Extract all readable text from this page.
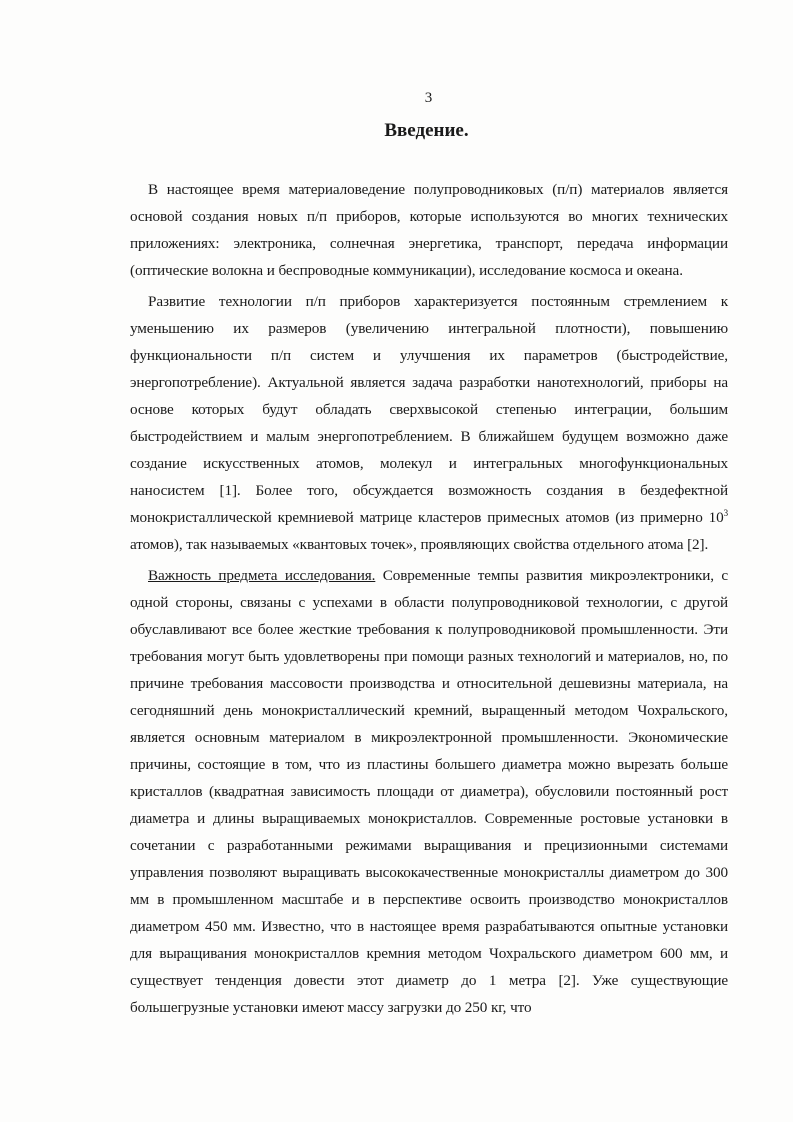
3
Введение.

В настоящее время материаловедение полупроводниковых (п/п) материалов является основой создания новых п/п приборов, которые используются во многих технических приложениях: электроника, солнечная энергетика, транспорт, передача информации (оптические волокна и беспроводные коммуникации), исследование космоса и океана.

Развитие технологии п/п приборов характеризуется постоянным стремлением к уменьшению их размеров (увеличению интегральной плотности), повышению функциональности п/п систем и улучшения их параметров (быстродействие, энергопотребление). Актуальной является задача разработки нанотехнологий, приборы на основе которых будут обладать сверхвысокой степенью интеграции, большим быстродействием и малым энергопотреблением. В ближайшем будущем возможно даже создание искусственных атомов, молекул и интегральных многофункциональных наносистем [1]. Более того, обсуждается возможность создания в бездефектной монокристаллической кремниевой матрице кластеров примесных атомов (из примерно $10^3$ атомов), так называемых «квантовых точек», проявляющих свойства отдельного атома [2].

Важность предмета исследования. Современные темпы развития микроэлектроники, с одной стороны, связаны с успехами в области полупроводниковой технологии, с другой обуславливают все более жесткие требования к полупроводниковой промышленности. Эти требования могут быть удовлетворены при помощи разных технологий и материалов, но, по причине требования массовости производства и относительной дешевизны материала, на сегодняшний день монокристаллический кремний, выращенный методом Чохральского, является основным материалом в микроэлектронной промышленности. Экономические причины, состоящие в том, что из пластины большего диаметра можно вырезать больше кристаллов (квадратная зависимость площади от диаметра), обусловили постоянный рост диаметра и длины выращиваемых монокристаллов. Современные ростовые установки в сочетании с разработанными режимами выращивания и прецизионными системами управления позволяют выращивать высококачественные монокристаллы диаметром до 300 мм в промышленном масштабе и в перспективе освоить производство монокристаллов диаметром 450 мм. Известно, что в настоящее время разрабатываются опытные установки для выращивания монокристаллов кремния методом Чохральского диаметром 600 мм, и существует тенденция довести этот диаметр до 1 метра [2]. Уже существующие большегрузные установки имеют массу загрузки до 250 кг, что
